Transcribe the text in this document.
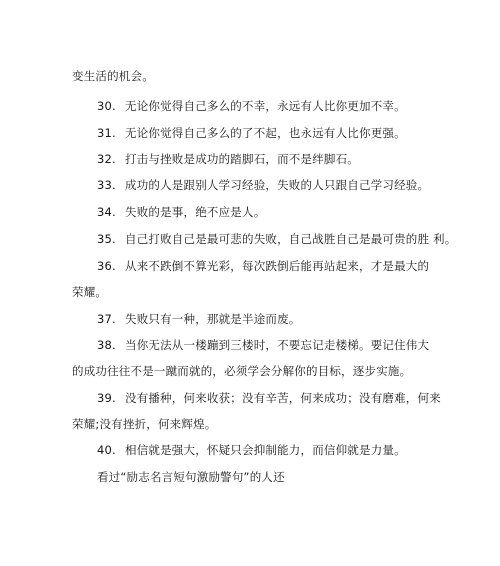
变生活的机会。
30. 无论你觉得自己多么的不幸，永远有人比你更加不幸。
31. 无论你觉得自己多么的了不起，也永远有人比你更强。
32. 打击与挫败是成功的踏脚石，而不是绊脚石。
33. 成功的人是跟别人学习经验，失败的人只跟自己学习经验。
34. 失败的是事，绝不应是人。
35. 自己打败自己是最可悲的失败，自己战胜自己是最可贵的胜 利。
36. 从来不跌倒不算光彩，每次跌倒后能再站起来，才是最大的
荣耀。
37. 失败只有一种，那就是半途而废。
38. 当你无法从一楼蹦到三楼时，不要忘记走楼梯。要记住伟大
的成功往往不是一蹴而就的，必须学会分解你的目标，逐步实施。
39. 没有播种，何来收获；没有辛苦，何来成功；没有磨难，何来
荣耀;没有挫折，何来辉煌。
40. 相信就是强大，怀疑只会抑制能力，而信仰就是力量。
看过“励志名言短句激励警句”的人还
